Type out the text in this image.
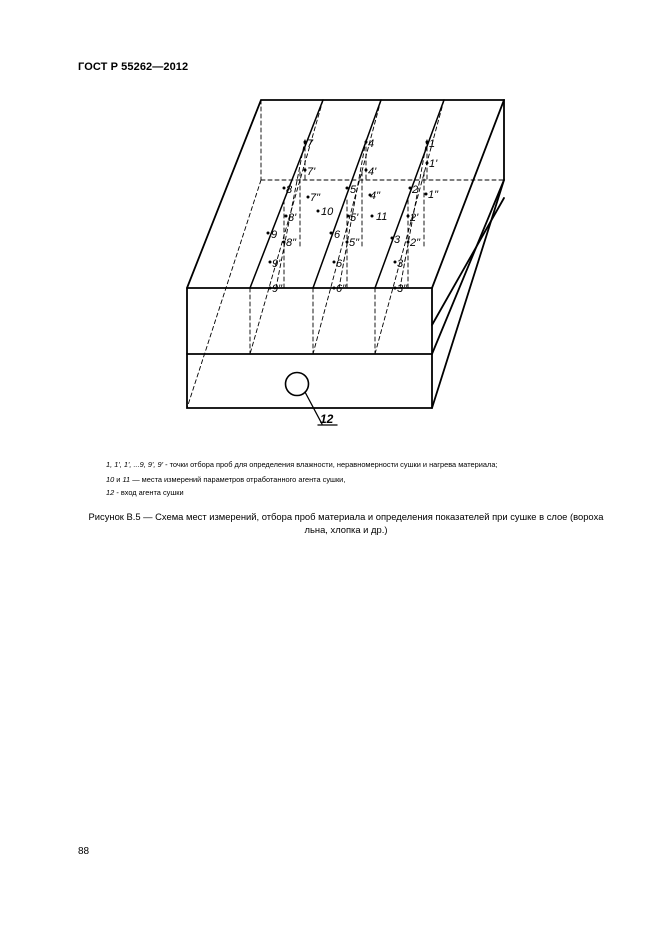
ГОСТ Р 55262—2012
7	4	1
7'	4'
1'
8
7"
5 4"	2 1"
10
8'	5' 11 2'
9	6	3
8"	5"	2"
9'	6'	3'
9"	6"	3"
12
1, 1', 1', ...9, 9', 9' - точки отбора проб для определения влажности, неравномерности сушки и нагрева материала;
10 и 11 — места измерений параметров отработанного агента сушки,
12 - вход агента сушки
Рисунок В.5 — Схема мест измерений, отбора проб материала и определения показателей при сушке в слое (ворoха льна, хлопка и др.)
88
